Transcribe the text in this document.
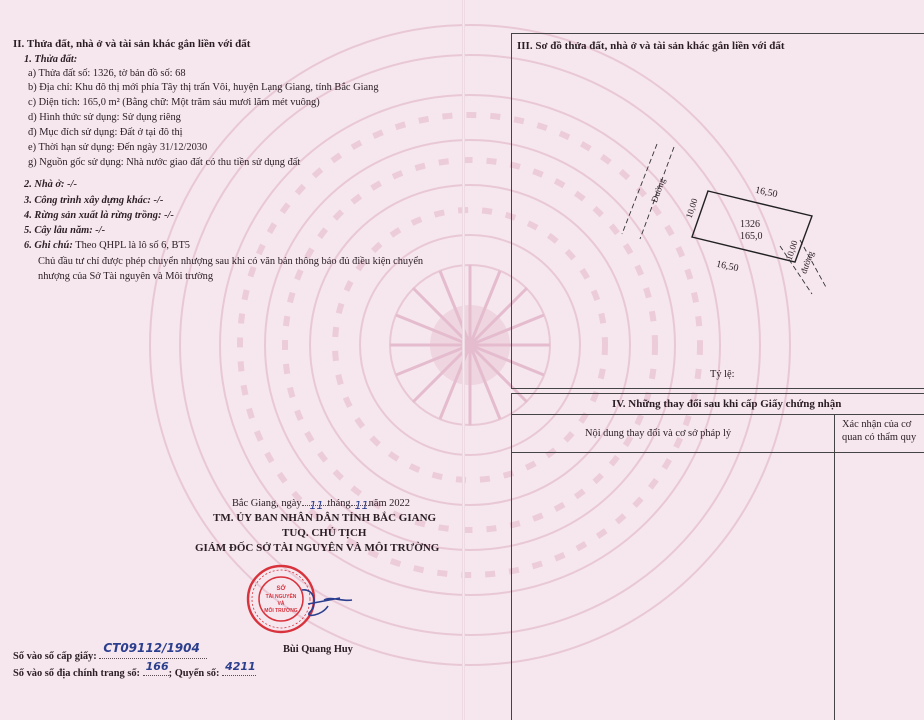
II. Thửa đất, nhà ở và tài sản khác gắn liền với đất
1. Thửa đất:
a) Thửa đất số: 1326, tờ bản đồ số: 68
b) Địa chỉ: Khu đô thị mới phía Tây thị trấn Vôi, huyện Lạng Giang, tỉnh Bắc Giang
c) Diện tích: 165,0 m² (Bằng chữ: Một trăm sáu mươi lăm mét vuông)
d) Hình thức sử dụng: Sử dụng riêng
đ) Mục đích sử dụng: Đất ở tại đô thị
e) Thời hạn sử dụng: Đến ngày 31/12/2030
g) Nguồn gốc sử dụng: Nhà nước giao đất có thu tiền sử dụng đất
2. Nhà ở: -/-
3. Công trình xây dựng khác: -/-
4. Rừng sản xuất là rừng trồng: -/-
5. Cây lâu năm: -/-
6. Ghi chú: Theo QHPL là lô số 6, BT5
Chủ đầu tư chỉ được phép chuyển nhượng sau khi có văn bản thông báo đủ điều kiện chuyển
nhượng của Sở Tài nguyên và Môi trường
Bắc Giang, ngày 11 tháng 11 năm 2022
TM. ỦY BAN NHÂN DÂN TỈNH BẮC GIANG
TUQ. CHỦ TỊCH
GIÁM ĐỐC SỞ TÀI NGUYÊN VÀ MÔI TRƯỜNG
SỞ
TÀI NGUYÊN
VÀ
MÔI TRƯỜNG
Bùi Quang Huy
Số vào sổ cấp giấy:
CT09112/1904
Số vào sổ địa chính trang số:
166
; Quyển số:
4211
III. Sơ đồ thửa đất, nhà ở và tài sản khác gắn liền với đất
1326
165,0
16,50
16,50
10,00
10,00
Đường
đường
Tỷ lệ:
IV. Những thay đổi sau khi cấp Giấy chứng nhận
Nội dung thay đổi và cơ sở pháp lý
Xác nhận của cơ
quan có thẩm quy
